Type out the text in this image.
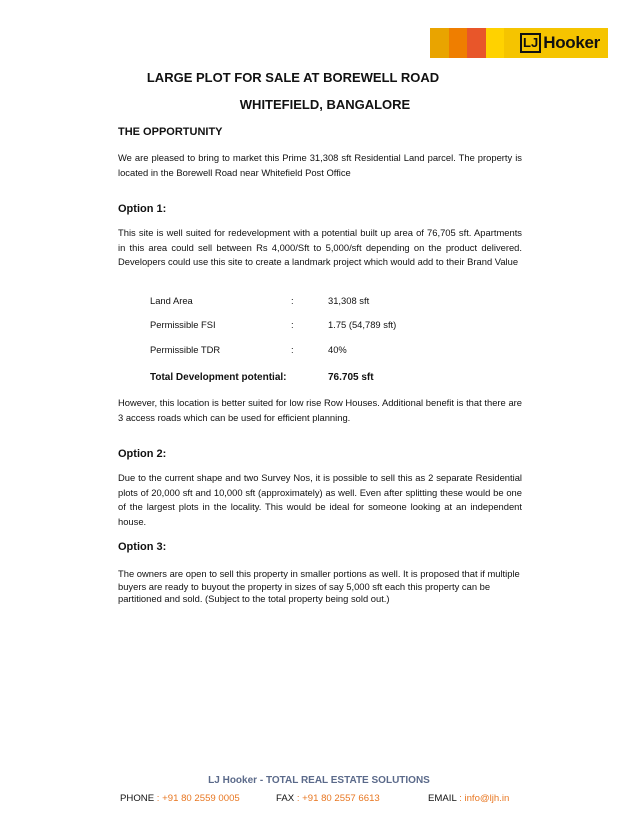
LJ Hooker
LARGE PLOT FOR SALE AT BOREWELL ROAD
WHITEFIELD, BANGALORE
THE OPPORTUNITY
We are pleased to bring to market this Prime 31,308 sft Residential Land parcel. The property is located in the Borewell Road near Whitefield Post Office
Option 1:
This site is well suited for redevelopment with a potential built up area of 76,705 sft. Apartments in this area could sell between Rs 4,000/Sft to 5,000/sft depending on the product delivered. Developers could use this site to create a landmark project which would add to their Brand Value
Land Area	:	31,308 sft
Permissible FSI	:	1.75 (54,789 sft)
Permissible TDR	:	40%
Total Development potential:	76.705 sft
However, this location is better suited for low rise Row Houses. Additional benefit is that there are 3 access roads which can be used for efficient planning.
Option 2:
Due to the current shape and two Survey Nos, it is possible to sell this as 2 separate Residential plots of 20,000 sft and 10,000 sft (approximately) as well. Even after splitting these would be one of the largest plots in the locality. This would be ideal for someone looking at an independent house.
Option 3:
The owners are open to sell this property in smaller portions as well. It is proposed that if multiple buyers are ready to buyout the property in sizes of say 5,000 sft each this property can be partitioned and sold. (Subject to the total property being sold out.)
LJ Hooker - TOTAL REAL ESTATE SOLUTIONS
PHONE : +91 80 2559 0005	FAX : +91 80 2557 6613	EMAIL : info@ljh.in
